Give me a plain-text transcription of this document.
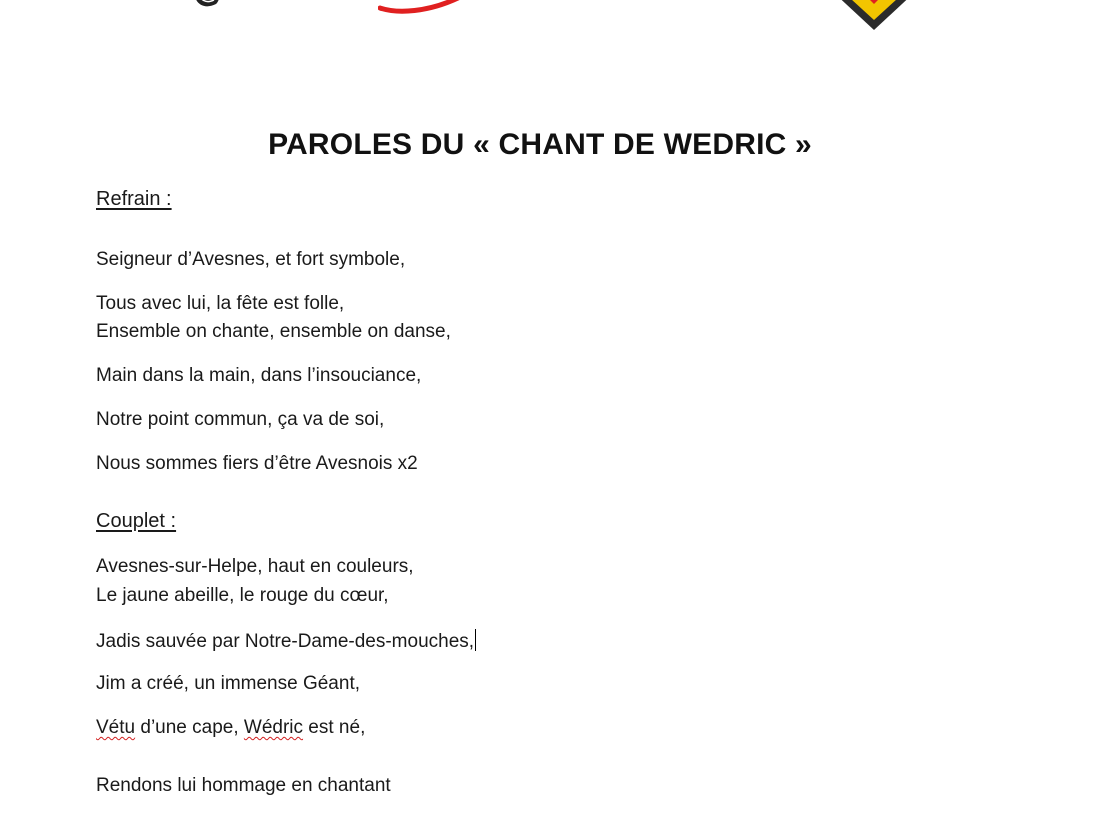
PAROLES DU « CHANT DE WEDRIC »
Refrain :
Seigneur d’Avesnes, et fort symbole,
Tous avec lui, la fête est folle,
Ensemble on chante, ensemble on danse,
Main dans la main, dans l’insouciance,
Notre point commun, ça va de soi,
Nous sommes fiers d’être Avesnois x2
Couplet :
Avesnes-sur-Helpe, haut en couleurs,
Le jaune abeille, le rouge du cœur,
Jadis sauvée par Notre-Dame-des-mouches,
Jim a créé, un immense Géant,
Vétu d’une cape, Wédric est né,
Rendons lui hommage en chantant
